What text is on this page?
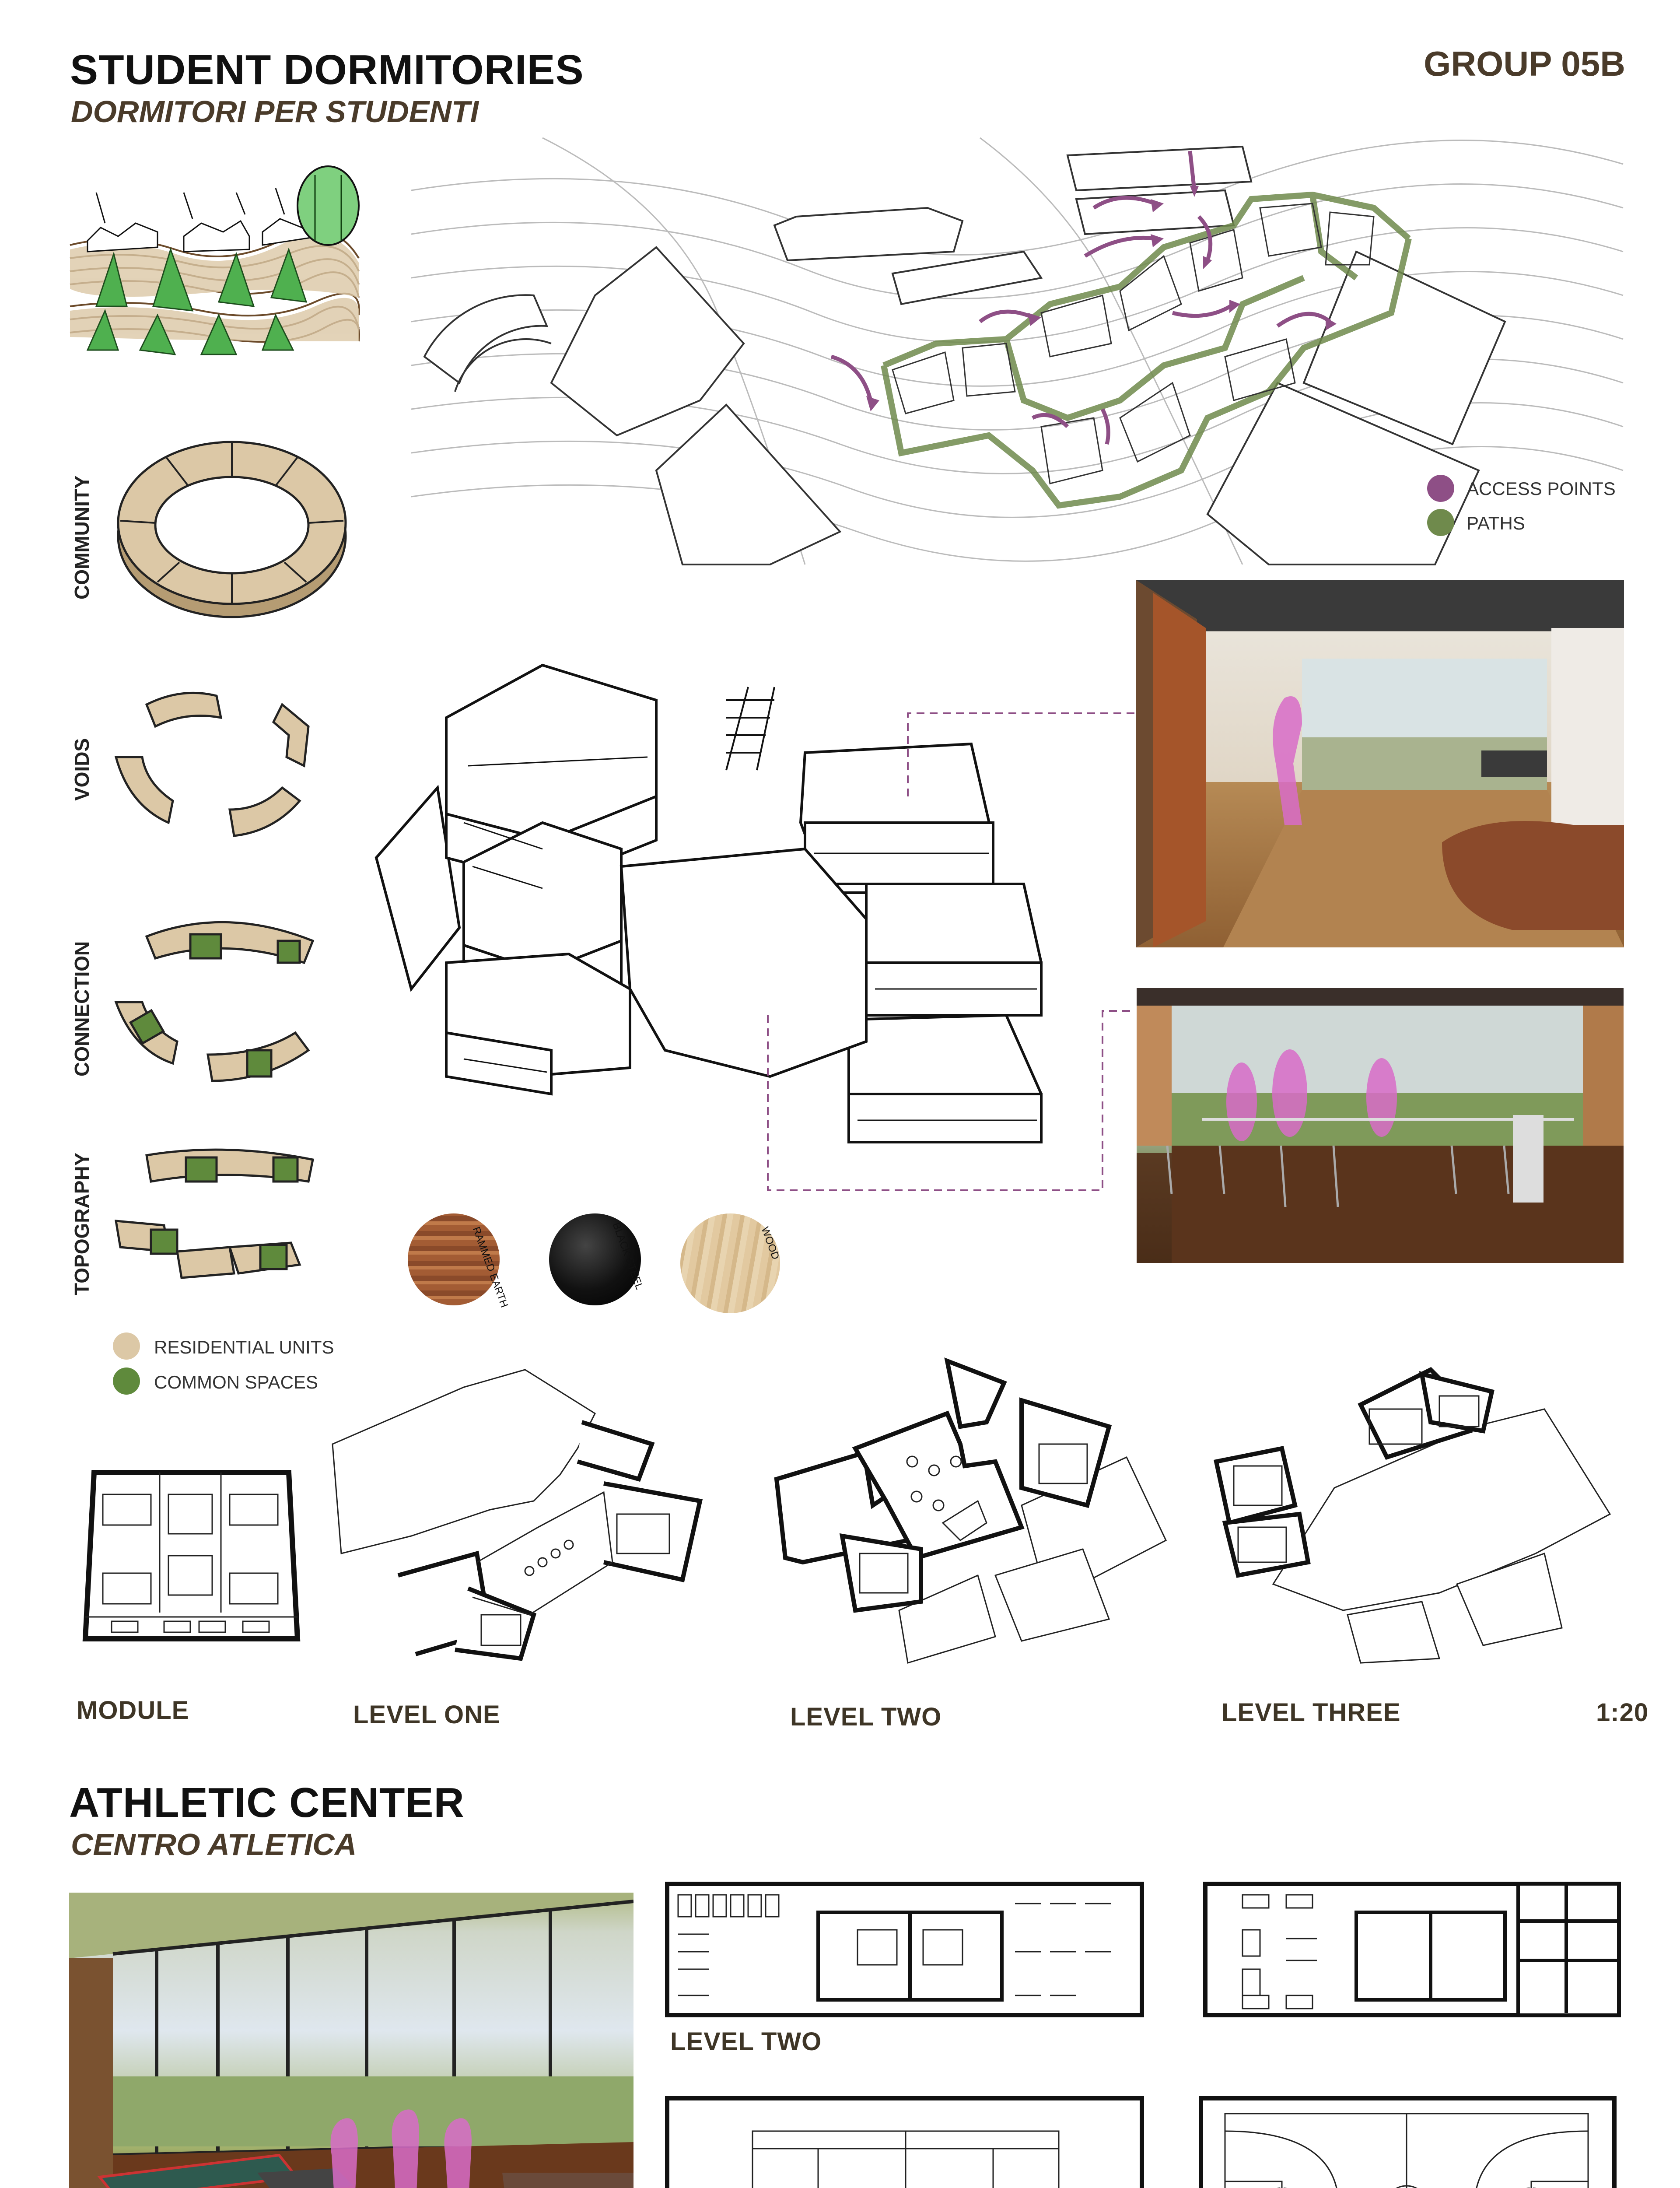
STUDENT DORMITORIES
DORMITORI PER STUDENTI
GROUP 05B
COMMUNITY
VOIDS
CONNECTION
TOPOGRAPHY
RESIDENTIAL UNITS
COMMON SPACES
ACCESS POINTS
PATHS
RAMMED EARTH	BLACK STEEL	WOOD
MODULE	LEVEL ONE	LEVEL TWO	LEVEL THREE	1:20
ATHLETIC CENTER
CENTRO ATLETICA
LEVEL TWO
